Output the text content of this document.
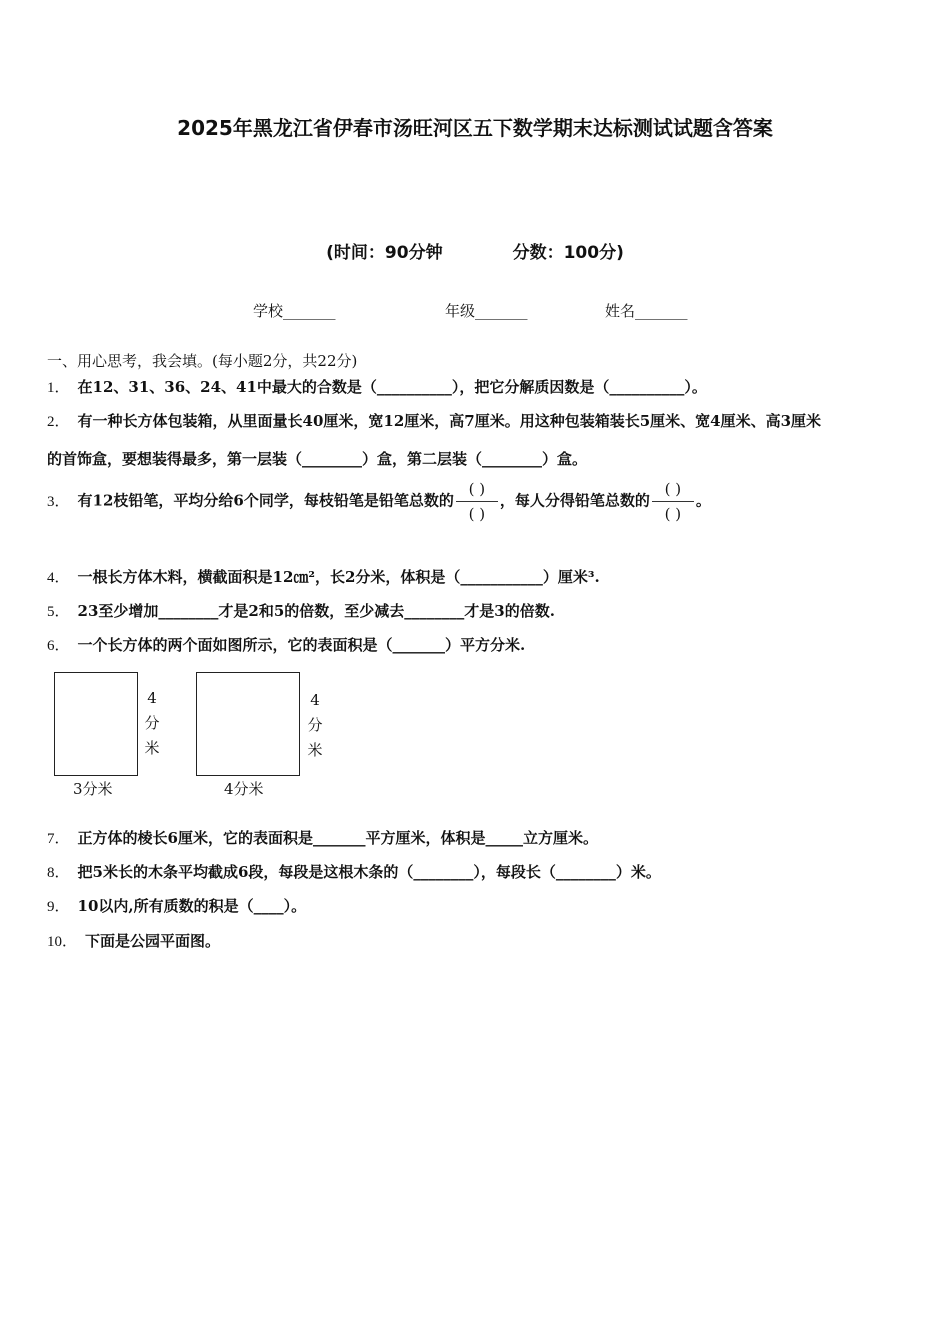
2025年黑龙江省伊春市汤旺河区五下数学期末达标测试试题含答案
(时间：90分钟	分数：100分)
学校_______	年级_______	姓名_______
一、用心思考，我会填。(每小题2分，共22分)
1． 在12、31、36、24、41中最大的合数是（__________），把它分解质因数是（__________）。
2． 有一种长方体包装箱，从里面量长40厘米，宽12厘米，高7厘米。用这种包装箱装长5厘米、宽4厘米、高3厘米
的首饰盒，要想装得最多，第一层装（________）盒，第二层装（________）盒。
3． 有12枝铅笔，平均分给6个同学，每枝铅笔是铅笔总数的 $\frac{( )}{( )}$ ，每人分得铅笔总数的 $\frac{( )}{( )}$ 。
4． 一根长方体木料，横截面积是12㎝²，长2分米，体积是（___________）厘米³.
5． 23至少增加________才是2和5的倍数，至少减去________才是3的倍数.
6． 一个长方体的两个面如图所示，它的表面积是（_______）平方分米.
4
分
米
3分米
4
分
米
4分米
7． 正方体的棱长6厘米，它的表面积是_______平方厘米，体积是_____立方厘米。
8． 把5米长的木条平均截成6段，每段是这根木条的（________），每段长（________）米。
9． 10以内,所有质数的积是（____）。
10． 下面是公园平面图。
